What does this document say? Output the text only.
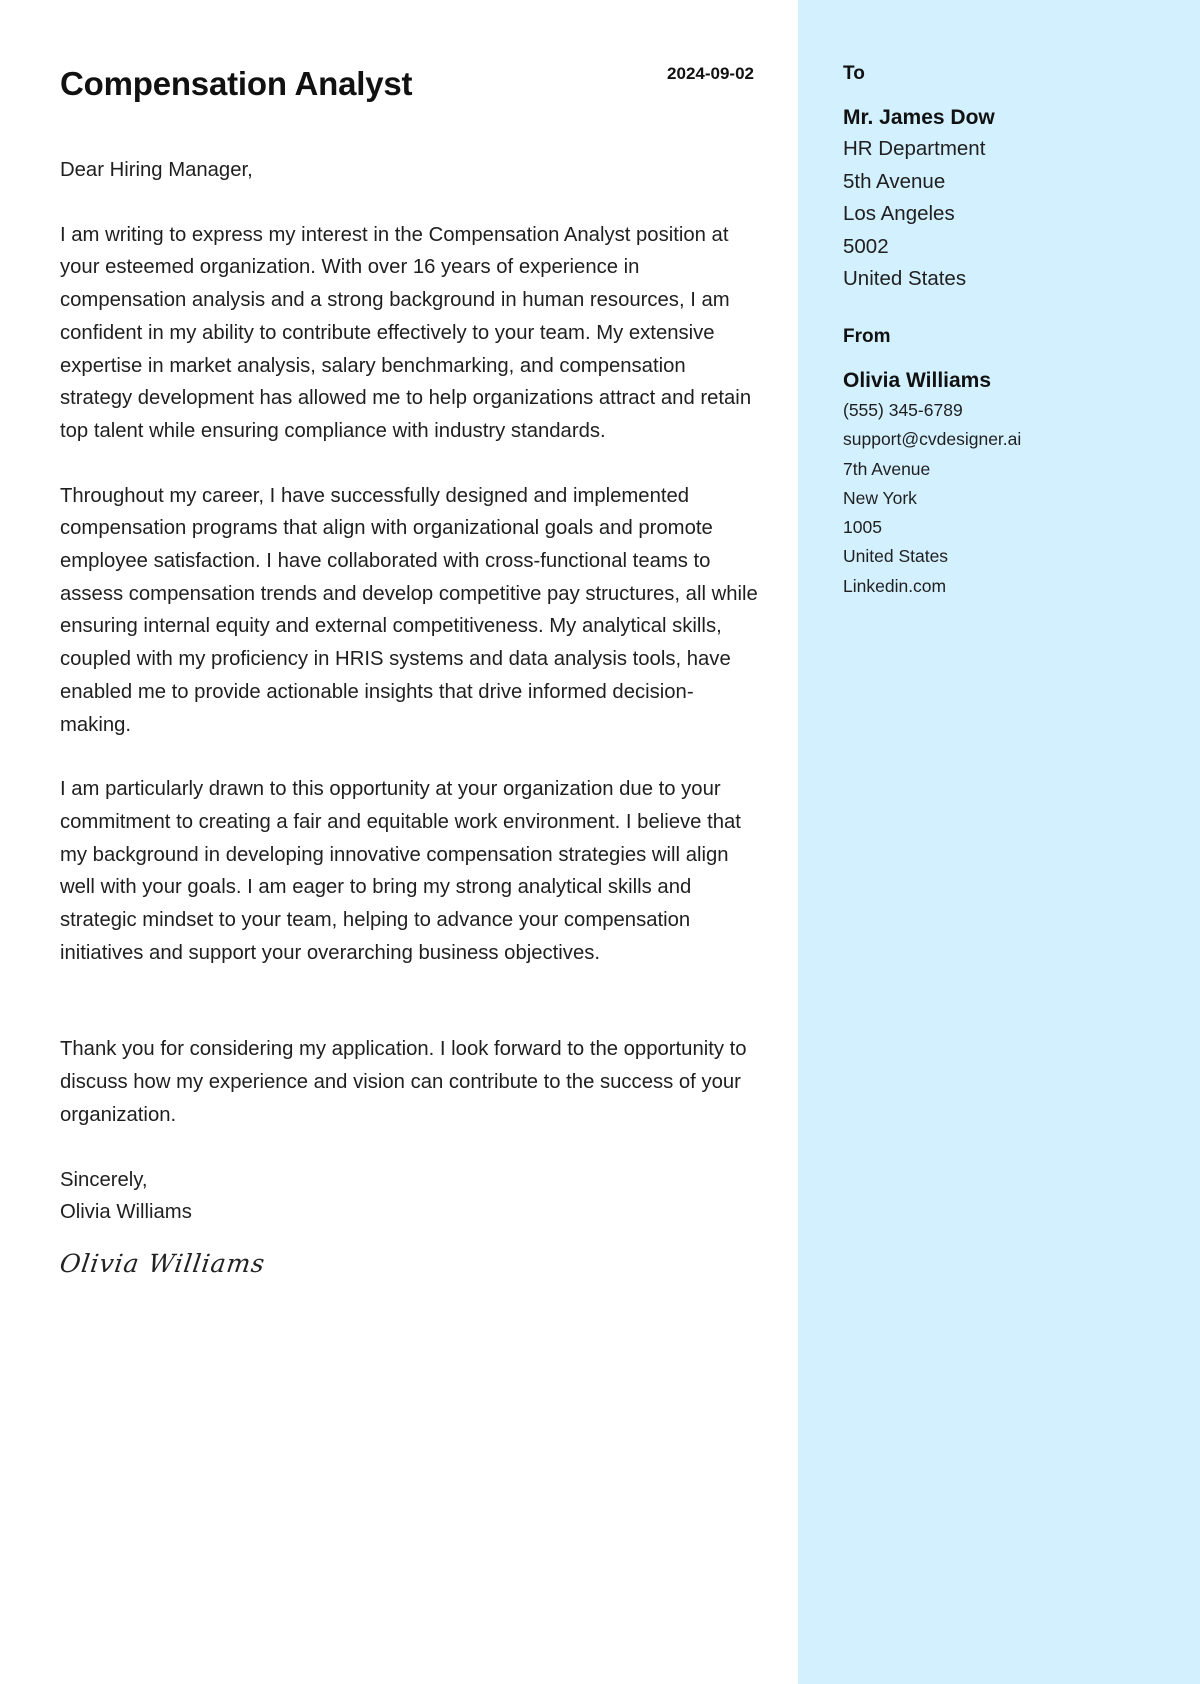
Compensation Analyst	2024-09-02

Dear Hiring Manager,

I am writing to express my interest in the Compensation Analyst position at your esteemed organization. With over 16 years of experience in compensation analysis and a strong background in human resources, I am confident in my ability to contribute effectively to your team. My extensive expertise in market analysis, salary benchmarking, and compensation strategy development has allowed me to help organizations attract and retain top talent while ensuring compliance with industry standards.

Throughout my career, I have successfully designed and implemented compensation programs that align with organizational goals and promote employee satisfaction. I have collaborated with cross-functional teams to assess compensation trends and develop competitive pay structures, all while ensuring internal equity and external competitiveness. My analytical skills, coupled with my proficiency in HRIS systems and data analysis tools, have enabled me to provide actionable insights that drive informed decision-making.

I am particularly drawn to this opportunity at your organization due to your commitment to creating a fair and equitable work environment. I believe that my background in developing innovative compensation strategies will align well with your goals. I am eager to bring my strong analytical skills and strategic mindset to your team, helping to advance your compensation initiatives and support your overarching business objectives.

Thank you for considering my application. I look forward to the opportunity to discuss how my experience and vision can contribute to the success of your organization.

Sincerely,

Olivia Williams

Olivia Williams
To
Mr. James Dow
HR Department
5th Avenue
Los Angeles
5002
United States
From
Olivia Williams
(555) 345-6789
support@cvdesigner.ai
7th Avenue
New York
1005
United States
Linkedin.com
